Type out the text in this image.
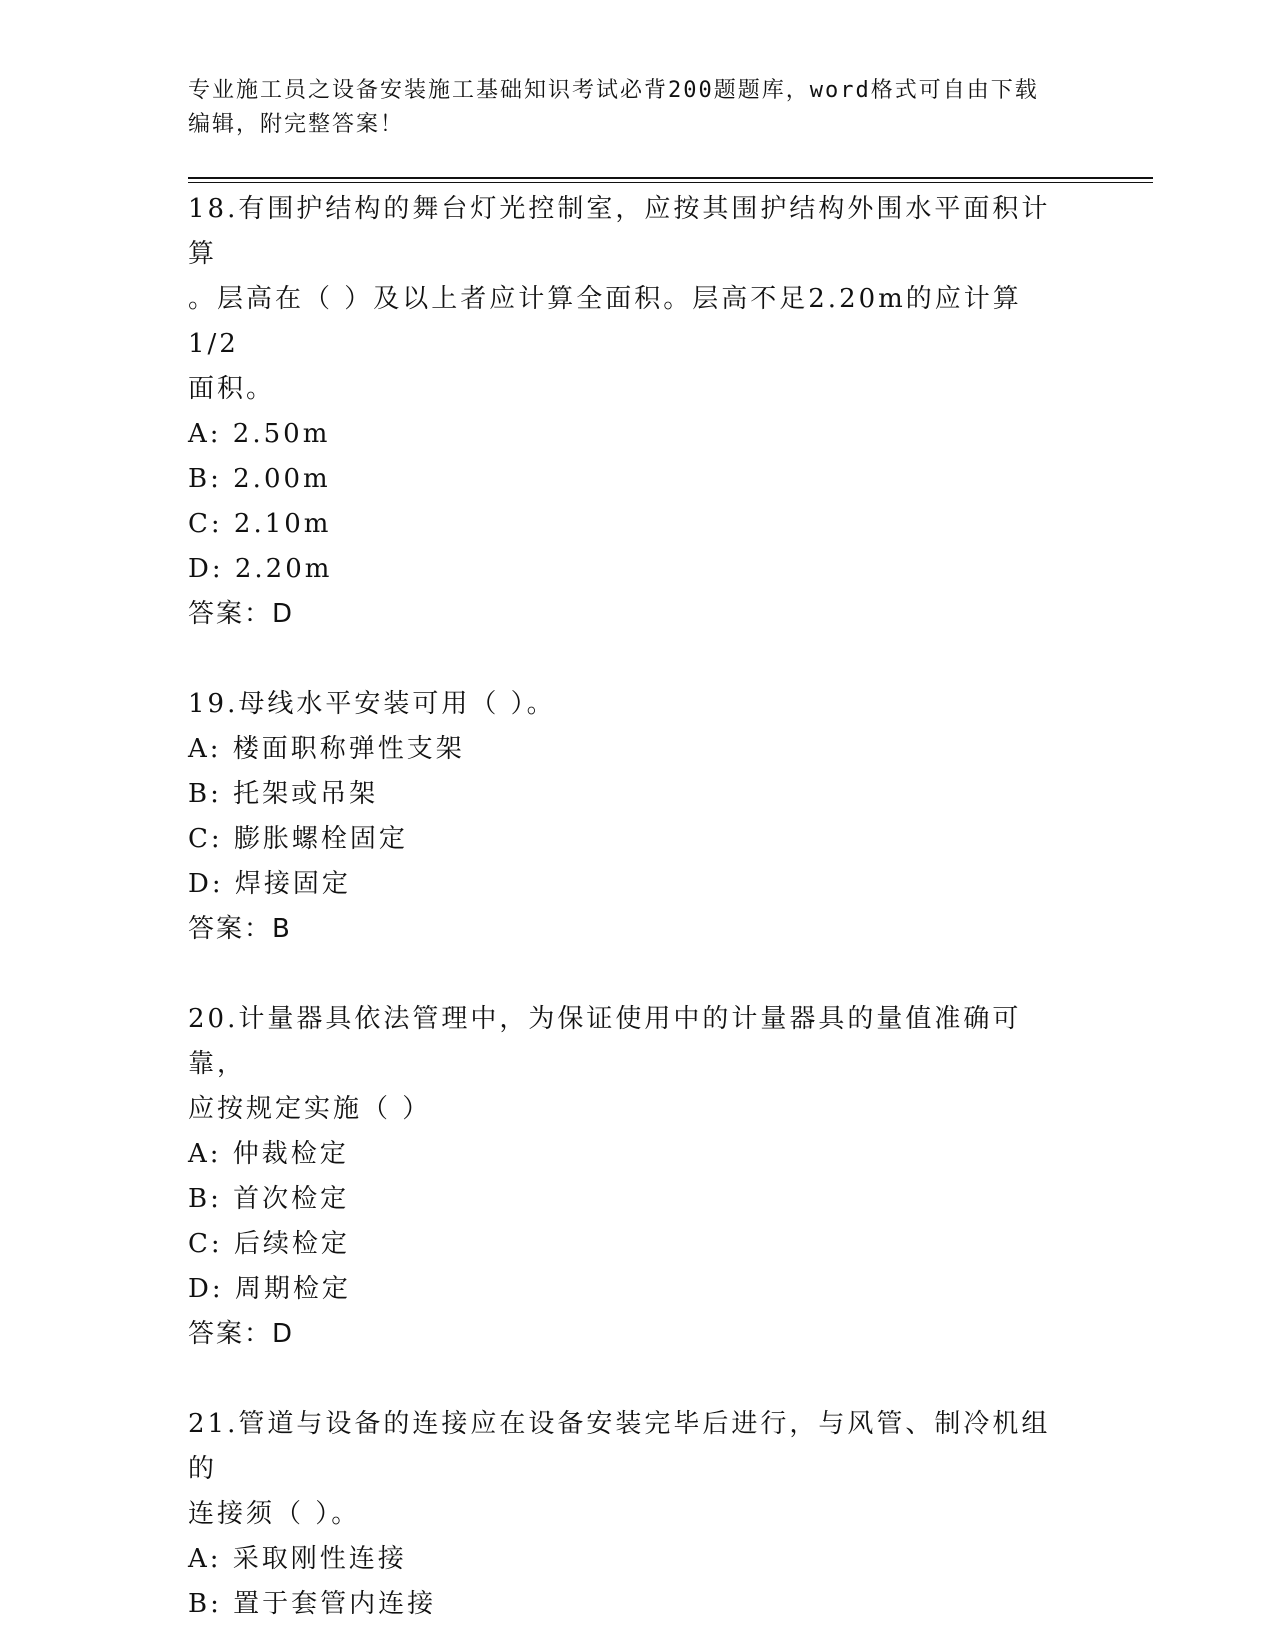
专业施工员之设备安装施工基础知识考试必背200题题库，word格式可自由下载
编辑，附完整答案！
18.有围护结构的舞台灯光控制室，应按其围护结构外围水平面积计算
。层高在（ ）及以上者应计算全面积。层高不足2.20m的应计算1/2
面积。
A: 2.50m
B: 2.00m
C: 2.10m
D: 2.20m
答案：D
19.母线水平安装可用（ ）。
A: 楼面职称弹性支架
B: 托架或吊架
C: 膨胀螺栓固定
D: 焊接固定
答案：B
20.计量器具依法管理中，为保证使用中的计量器具的量值准确可靠，
应按规定实施（ ）
A: 仲裁检定
B: 首次检定
C: 后续检定
D: 周期检定
答案：D
21.管道与设备的连接应在设备安装完毕后进行，与风管、制冷机组的
连接须（ ）。
A: 采取刚性连接
B: 置于套管内连接
